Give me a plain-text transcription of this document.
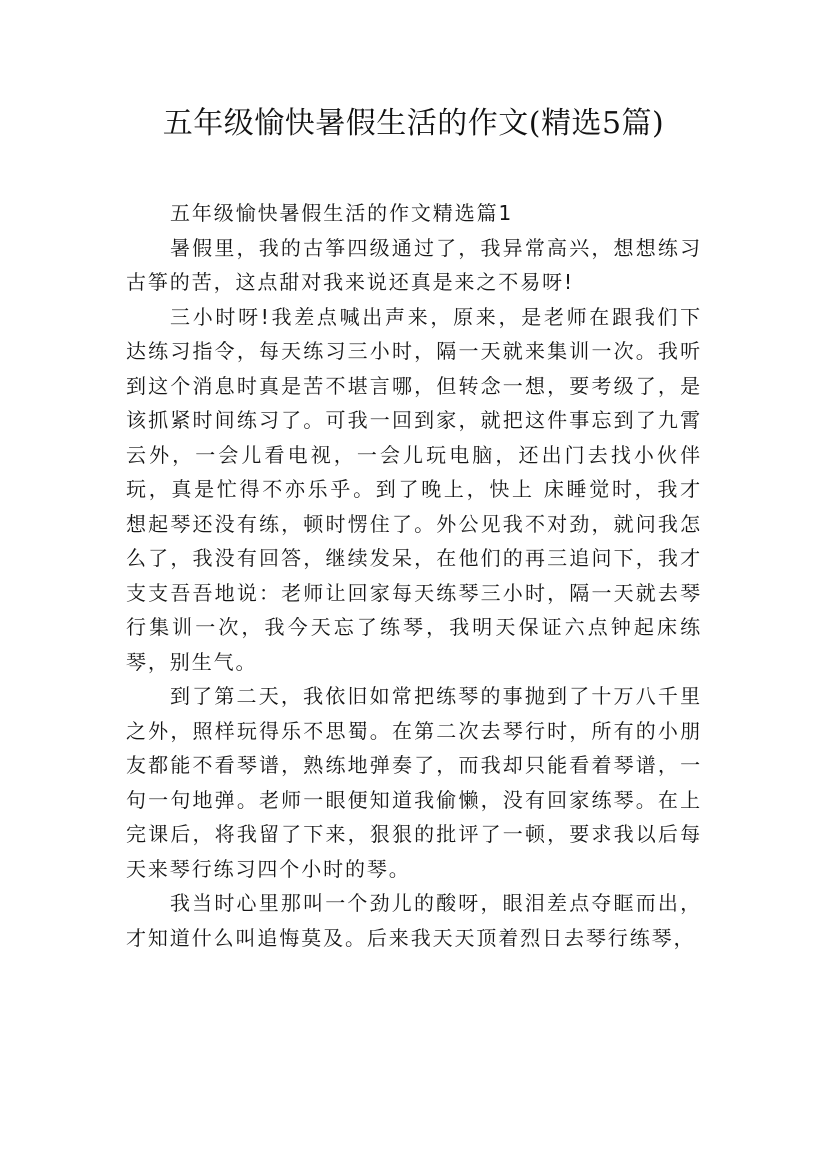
五年级愉快暑假生活的作文(精选5篇)

五年级愉快暑假生活的作文精选篇1

暑假里，我的古筝四级通过了，我异常高兴，想想练习古筝的苦，这点甜对我来说还真是来之不易呀!

三小时呀!我差点喊出声来，原来，是老师在跟我们下达练习指令，每天练习三小时，隔一天就来集训一次。我听到这个消息时真是苦不堪言哪，但转念一想，要考级了，是该抓紧时间练习了。可我一回到家，就把这件事忘到了九霄云外，一会儿看电视，一会儿玩电脑，还出门去找小伙伴玩，真是忙得不亦乐乎。到了晚上，快上 床睡觉时，我才想起琴还没有练，顿时愣住了。外公见我不对劲，就问我怎么了，我没有回答，继续发呆，在他们的再三追问下，我才支支吾吾地说：老师让回家每天练琴三小时，隔一天就去琴行集训一次，我今天忘了练琴，我明天保证六点钟起床练琴，别生气。

到了第二天，我依旧如常把练琴的事抛到了十万八千里之外，照样玩得乐不思蜀。在第二次去琴行时，所有的小朋友都能不看琴谱，熟练地弹奏了，而我却只能看着琴谱，一句一句地弹。老师一眼便知道我偷懒，没有回家练琴。在上完课后，将我留了下来，狠狠的批评了一顿，要求我以后每天来琴行练习四个小时的琴。

我当时心里那叫一个劲儿的酸呀，眼泪差点夺眶而出，才知道什么叫追悔莫及。后来我天天顶着烈日去琴行练琴，
